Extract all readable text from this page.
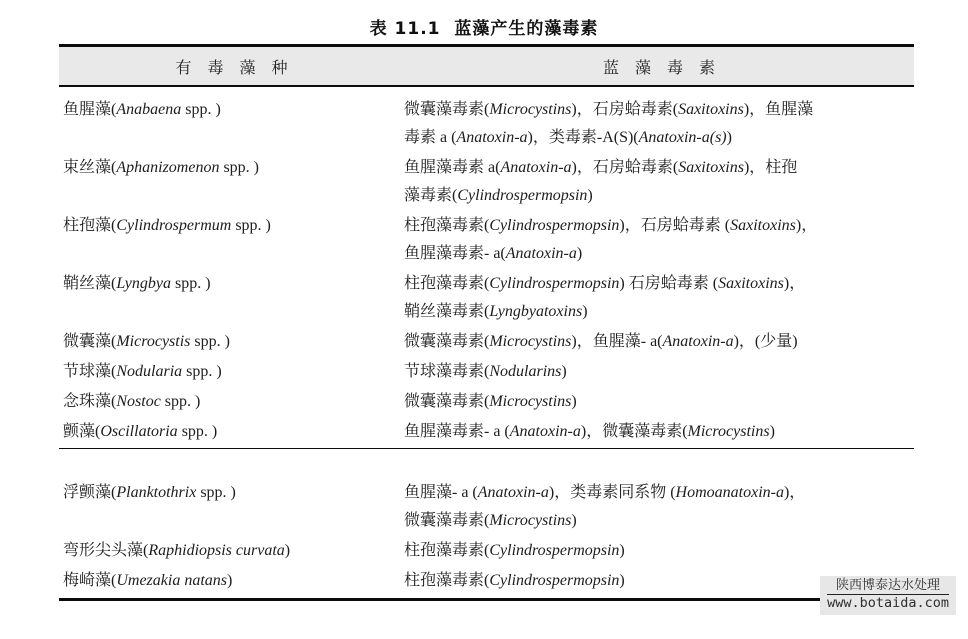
表 11.1  蓝藻产生的藻毒素
有　毒　藻　种	蓝　藻　毒　素
鱼腥藻(Anabaena spp. )	微囊藻毒素(Microcystins)，石房蛤毒素(Saxitoxins)，鱼腥藻
毒素 a (Anatoxin-a)，类毒素-A(S)(Anatoxin-a(s))
束丝藻(Aphanizomenon spp. )	鱼腥藻毒素 a(Anatoxin-a)，石房蛤毒素(Saxitoxins)，柱孢
藻毒素(Cylindrospermopsin)
柱孢藻(Cylindrospermum spp. )	柱孢藻毒素(Cylindrospermopsin)，石房蛤毒素 (Saxitoxins)，
鱼腥藻毒素- a(Anatoxin-a)
鞘丝藻(Lyngbya spp. )	柱孢藻毒素(Cylindrospermopsin) 石房蛤毒素 (Saxitoxins)，
鞘丝藻毒素(Lyngbyatoxins)
微囊藻(Microcystis spp. )	微囊藻毒素(Microcystins)，鱼腥藻- a(Anatoxin-a)，(少量)
节球藻(Nodularia spp. )	节球藻毒素(Nodularins)
念珠藻(Nostoc spp. )	微囊藻毒素(Microcystins)
颤藻(Oscillatoria spp. )	鱼腥藻毒素- a (Anatoxin-a)，微囊藻毒素(Microcystins)
浮颤藻(Planktothrix spp. )	鱼腥藻- a (Anatoxin-a)，类毒素同系物 (Homoanatoxin-a)，
微囊藻毒素(Microcystins)
弯形尖头藻(Raphidiopsis curvata)	柱孢藻毒素(Cylindrospermopsin)
梅崎藻(Umezakia natans)	柱孢藻毒素(Cylindrospermopsin)	陕西博泰达水处理
www.botaida.com
